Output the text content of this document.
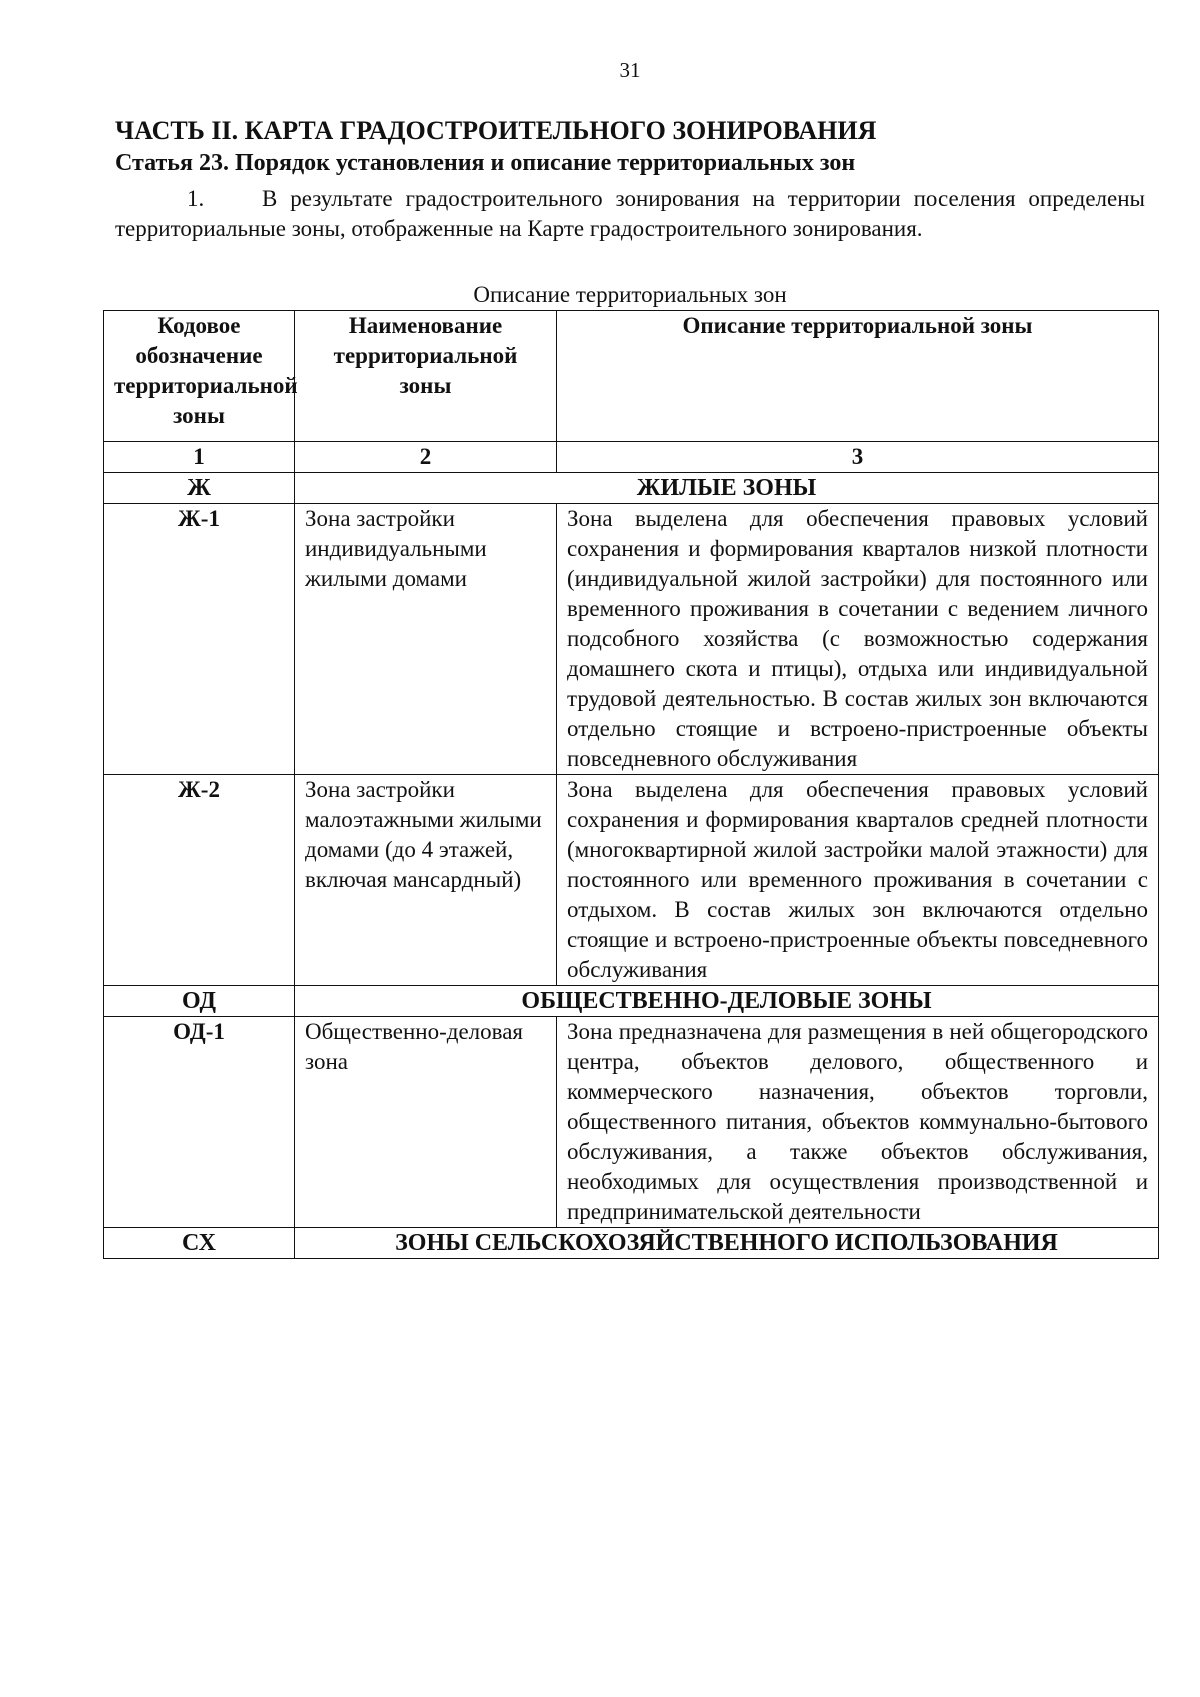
31
ЧАСТЬ II. КАРТА ГРАДОСТРОИТЕЛЬНОГО ЗОНИРОВАНИЯ
Статья 23. Порядок установления и описание территориальных зон
1.	В результате градостроительного зонирования на территории поселения определены территориальные зоны, отображенные на Карте градостроительного зонирования.
Описание территориальных зон
Кодовое обозначение территориальной зоны	Наименование территориальной зоны	Описание территориальной зоны
1	2	3
Ж	ЖИЛЫЕ ЗОНЫ	
Ж-1	Зона застройки индивидуальными жилыми домами	Зона выделена для обеспечения правовых условий сохранения и формирования кварталов низкой плотности (индивидуальной жилой застройки) для постоянного или временного проживания в сочетании с ведением личного подсобного хозяйства (с возможностью содержания домашнего скота и птицы), отдыха или индивидуальной трудовой деятельностью. В состав жилых зон включаются отдельно стоящие и встроено-пристроенные объекты повседневного обслуживания
Ж-2	Зона застройки малоэтажными жилыми домами (до 4 этажей, включая мансардный)	Зона выделена для обеспечения правовых условий сохранения и формирования кварталов средней плотности (многоквартирной жилой застройки малой этажности) для постоянного или временного проживания в сочетании с отдыхом. В состав жилых зон включаются отдельно стоящие и встроено-пристроенные объекты повседневного обслуживания
ОД	ОБЩЕСТВЕННО-ДЕЛОВЫЕ ЗОНЫ	
ОД-1	Общественно-деловая зона	Зона предназначена для размещения в ней общегородского центра, объектов делового, общественного и коммерческого назначения, объектов торговли, общественного питания, объектов коммунально-бытового обслуживания, а также объектов обслуживания, необходимых для осуществления производственной и предпринимательской деятельности
СХ	ЗОНЫ СЕЛЬСКОХОЗЯЙСТВЕННОГО ИСПОЛЬЗОВАНИЯ	
